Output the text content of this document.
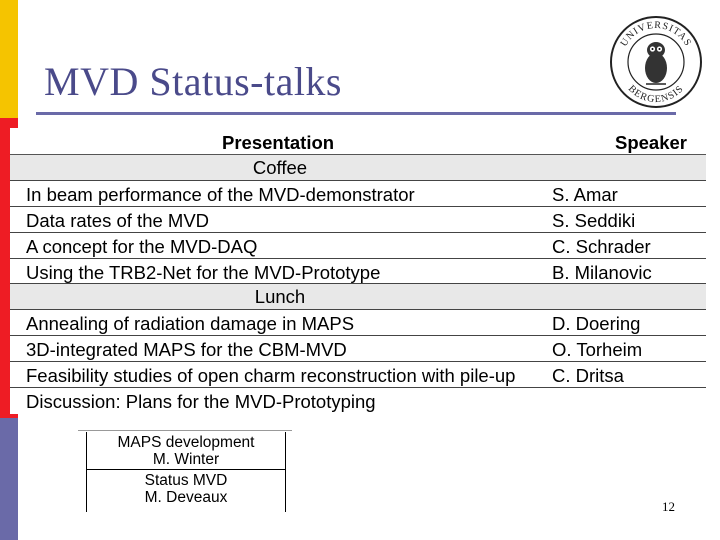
MVD Status-talks
UNIVERSITAS
BERGENSIS
Presentation	Speaker
Coffee
In beam performance of the MVD-demonstrator	S. Amar
Data rates of the MVD	S. Seddiki
A concept for the MVD-DAQ	C. Schrader
Using the TRB2-Net for the MVD-Prototype	B. Milanovic
Lunch
Annealing of radiation damage in MAPS	D. Doering
3D-integrated MAPS for the CBM-MVD	O. Torheim
Feasibility studies of open charm reconstruction with pile-up C. Dritsa
Discussion: Plans for the MVD-Prototyping
MAPS development
M. Winter
Status MVD
M. Deveaux
12
